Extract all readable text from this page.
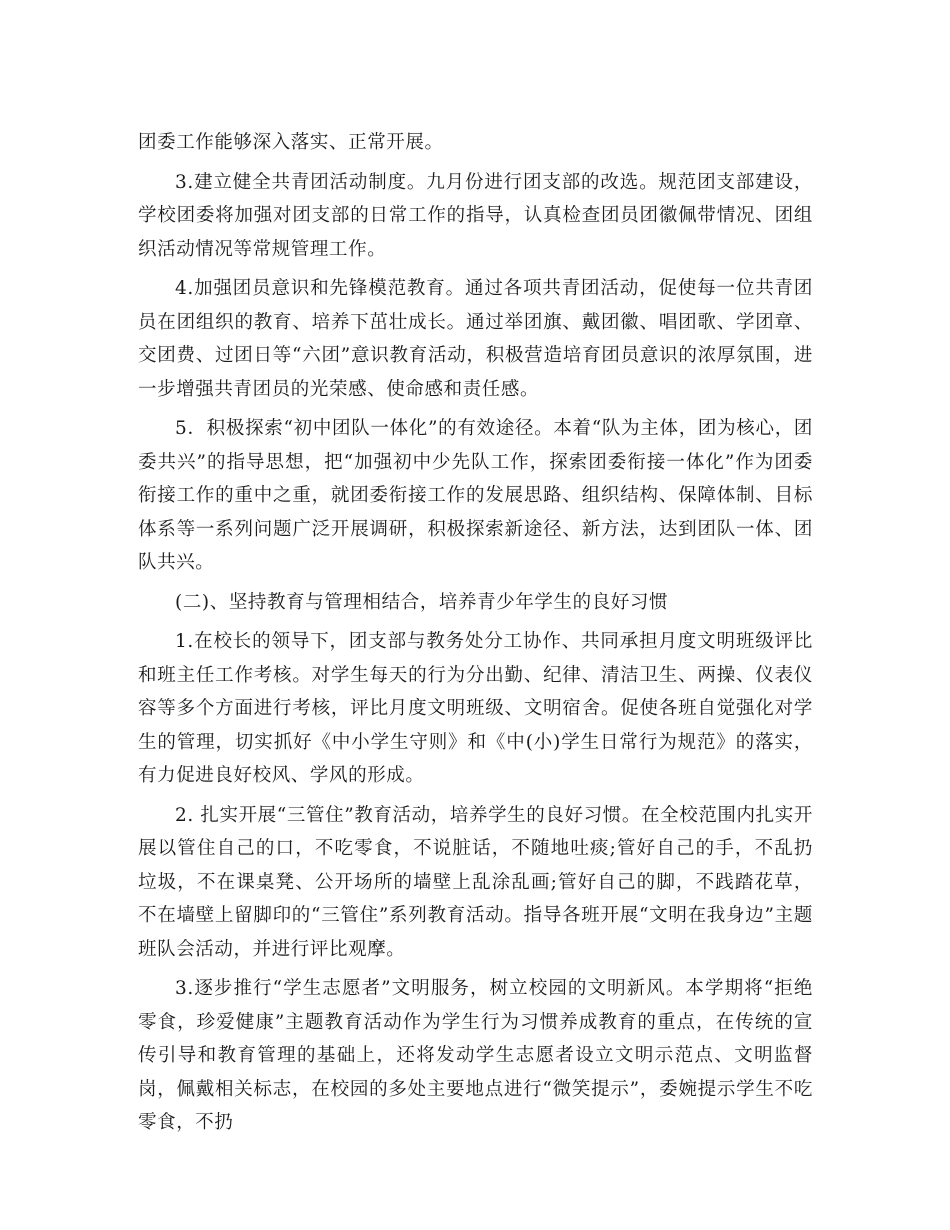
团委工作能够深入落实、正常开展。

3.建立健全共青团活动制度。九月份进行团支部的改选。规范团支部建设，学校团委将加强对团支部的日常工作的指导，认真检查团员团徽佩带情况、团组织活动情况等常规管理工作。

4.加强团员意识和先锋模范教育。通过各项共青团活动，促使每一位共青团员在团组织的教育、培养下茁壮成长。通过举团旗、戴团徽、唱团歌、学团章、交团费、过团日等“六团”意识教育活动，积极营造培育团员意识的浓厚氛围，进一步增强共青团员的光荣感、使命感和责任感。

5．积极探索“初中团队一体化”的有效途径。本着“队为主体，团为核心，团委共兴”的指导思想，把“加强初中少先队工作，探索团委衔接一体化”作为团委衔接工作的重中之重，就团委衔接工作的发展思路、组织结构、保障体制、目标体系等一系列问题广泛开展调研，积极探索新途径、新方法，达到团队一体、团队共兴。

(二)、坚持教育与管理相结合，培养青少年学生的良好习惯

1.在校长的领导下，团支部与教务处分工协作、共同承担月度文明班级评比和班主任工作考核。对学生每天的行为分出勤、纪律、清洁卫生、两操、仪表仪容等多个方面进行考核，评比月度文明班级、文明宿舍。促使各班自觉强化对学生的管理，切实抓好《中小学生守则》和《中(小)学生日常行为规范》的落实，有力促进良好校风、学风的形成。

2. 扎实开展“三管住”教育活动，培养学生的良好习惯。在全校范围内扎实开展以管住自己的口，不吃零食，不说脏话，不随地吐痰;管好自己的手，不乱扔垃圾，不在课桌凳、公开场所的墙壁上乱涂乱画;管好自己的脚，不践踏花草，不在墙壁上留脚印的“三管住”系列教育活动。指导各班开展“文明在我身边”主题班队会活动，并进行评比观摩。

3.逐步推行“学生志愿者”文明服务，树立校园的文明新风。本学期将“拒绝零食，珍爱健康”主题教育活动作为学生行为习惯养成教育的重点，在传统的宣传引导和教育管理的基础上，还将发动学生志愿者设立文明示范点、文明监督岗，佩戴相关标志，在校园的多处主要地点进行“微笑提示”，委婉提示学生不吃零食，不扔
